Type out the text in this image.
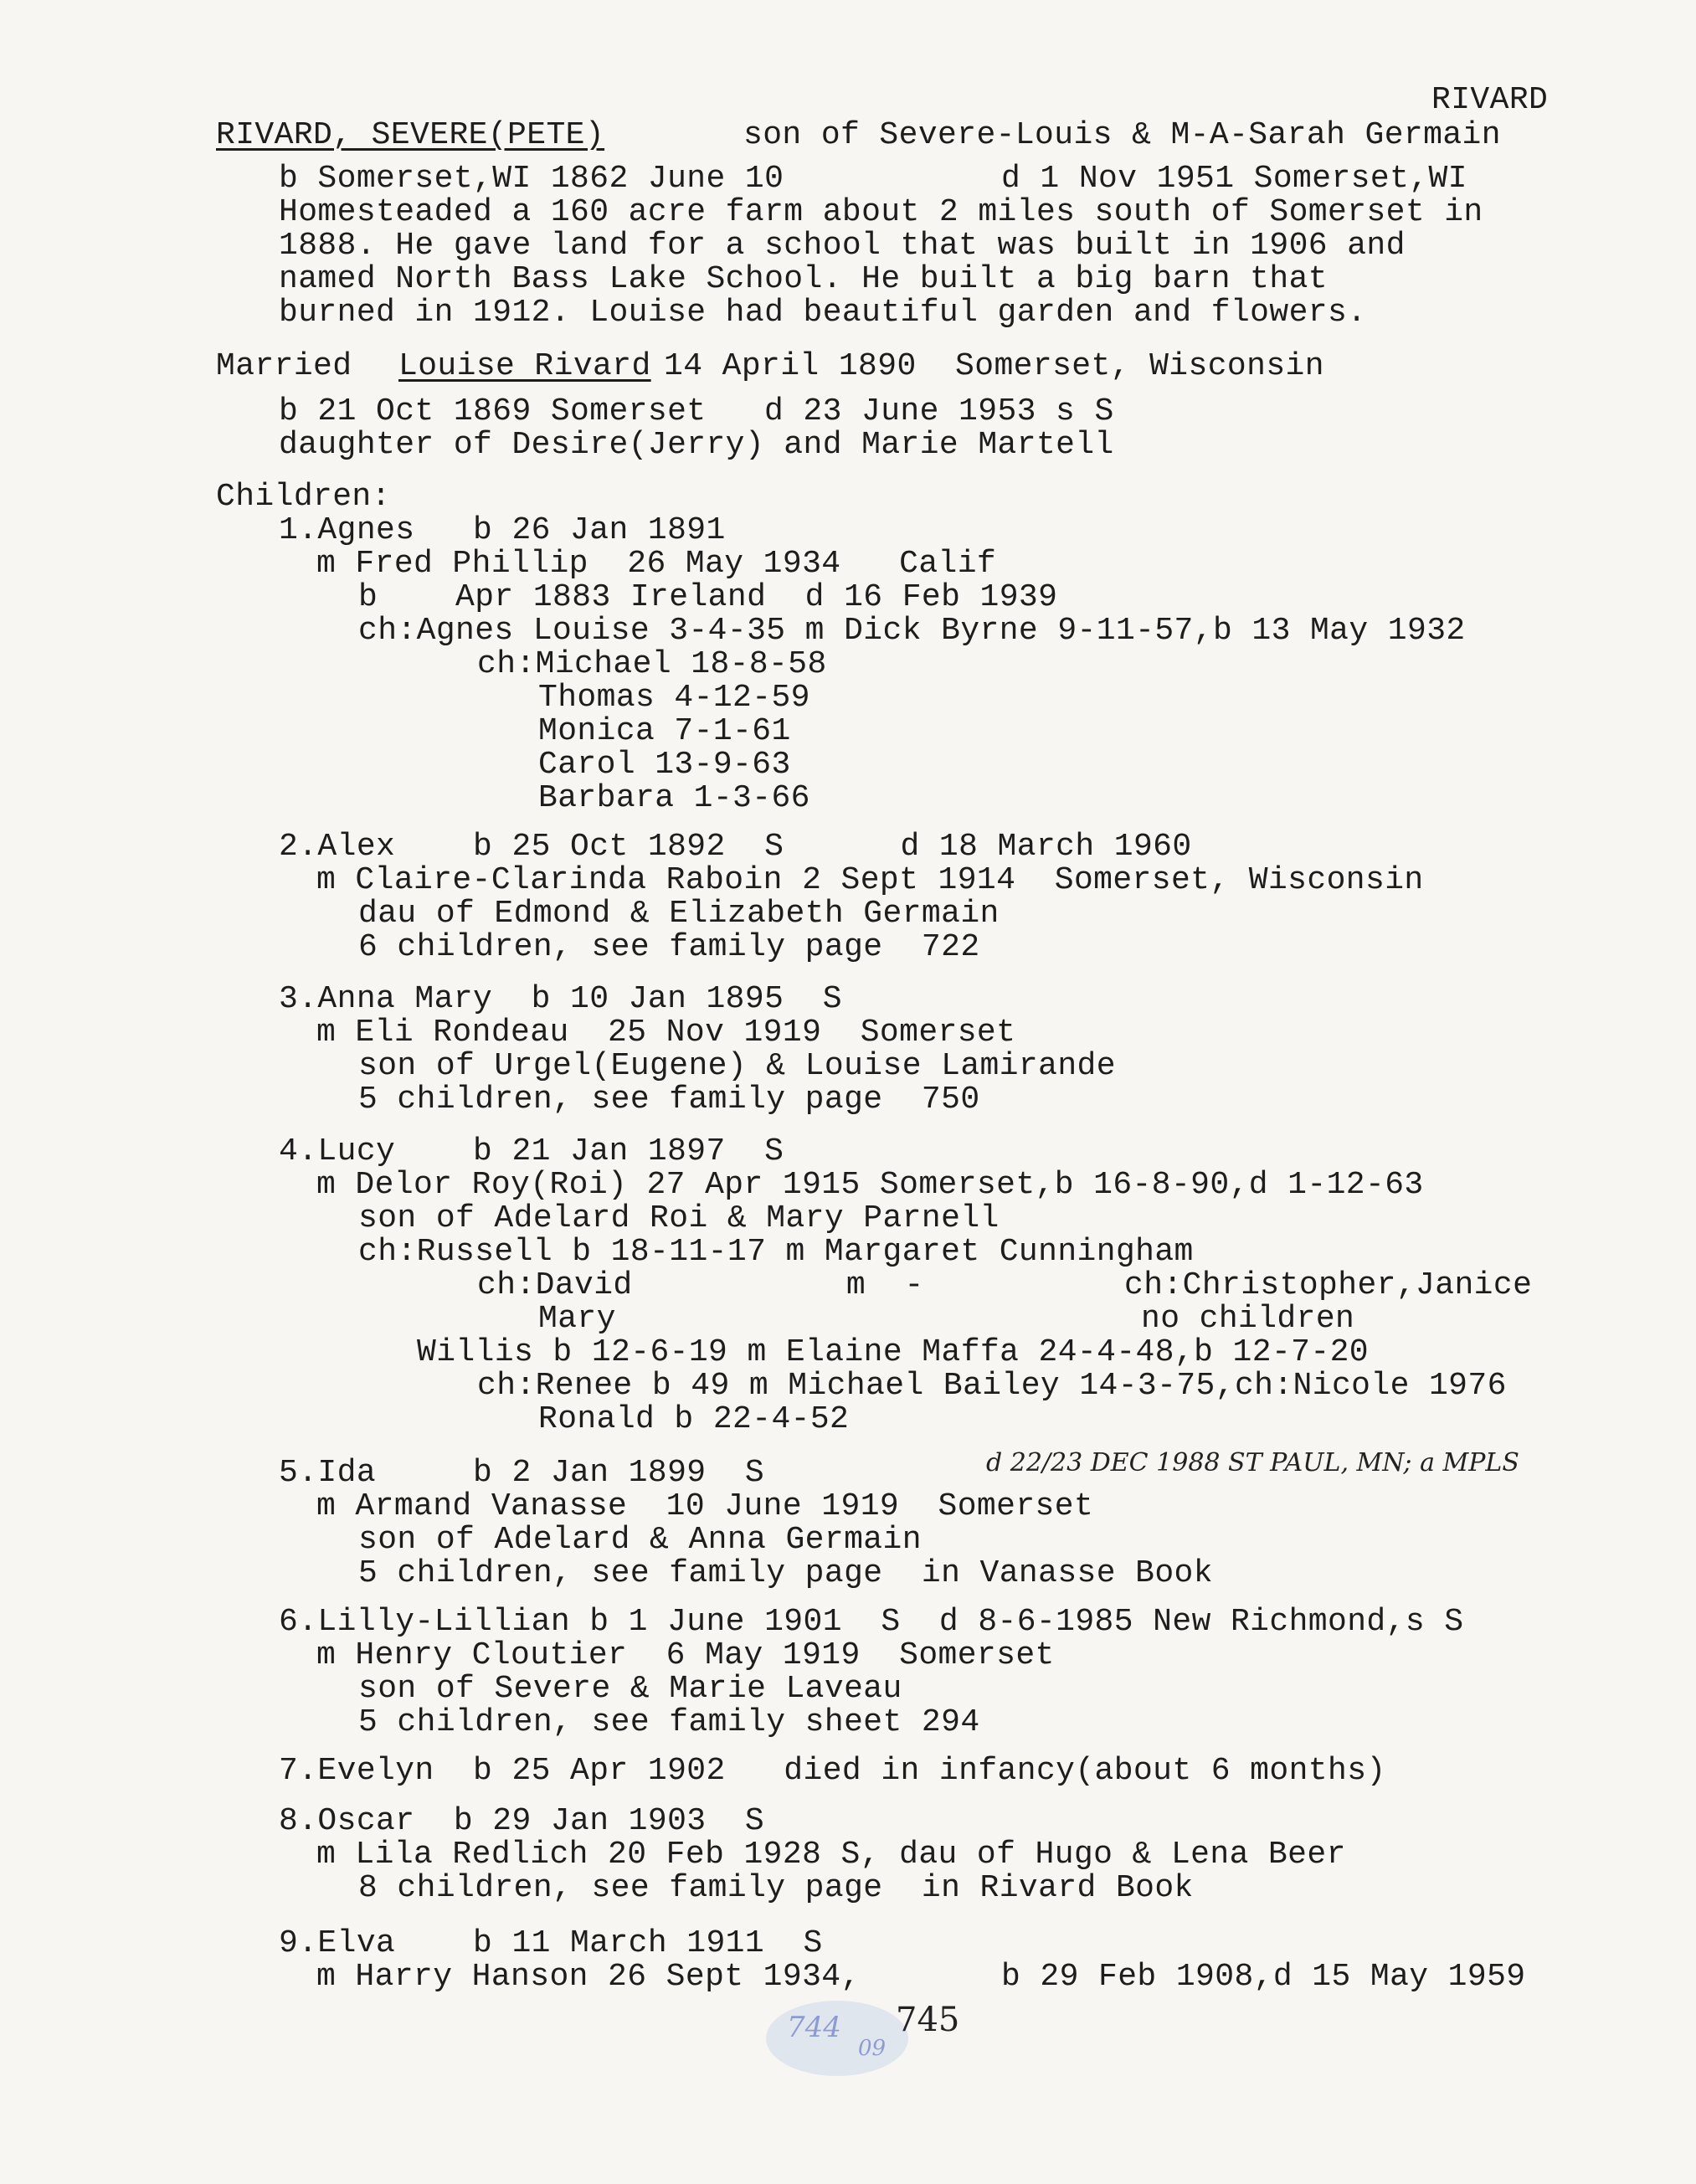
RIVARD
RIVARD, SEVERE(PETE)	son of Severe-Louis & M-A-Sarah Germain
b Somerset,WI 1862 June 10	d 1 Nov 1951 Somerset,WI
Homesteaded a 160 acre farm about 2 miles south of Somerset in
1888. He gave land for a school that was built in 1906 and
named North Bass Lake School. He built a big barn that
burned in 1912. Louise had beautiful garden and flowers.
Married Louise Rivard 14 April 1890  Somerset, Wisconsin
b 21 Oct 1869 Somerset d 23 June 1953 s S
daughter of Desire(Jerry) and Marie Martell
Children:
1.Agnes   b 26 Jan 1891
m Fred Phillip  26 May 1934   Calif
b    Apr 1883 Ireland  d 16 Feb 1939
ch:Agnes Louise 3-4-35 m Dick Byrne 9-11-57,b 13 May 1932
ch:Michael 18-8-58
Thomas 4-12-59
Monica 7-1-61
Carol 13-9-63
Barbara 1-3-66
2.Alex    b 25 Oct 1892  S      d 18 March 1960
m Claire-Clarinda Raboin 2 Sept 1914  Somerset, Wisconsin
dau of Edmond & Elizabeth Germain
6 children, see family page  722
3.Anna Mary  b 10 Jan 1895  S
m Eli Rondeau  25 Nov 1919  Somerset
son of Urgel(Eugene) & Louise Lamirande
5 children, see family page  750
4.Lucy    b 21 Jan 1897  S
m Delor Roy(Roi) 27 Apr 1915 Somerset,b 16-8-90,d 1-12-63
son of Adelard Roi & Mary Parnell
ch:Russell b 18-11-17 m Margaret Cunningham
ch:David           m  -	ch:Christopher,Janice
Mary	no children
Willis b 12-6-19 m Elaine Maffa 24-4-48,b 12-7-20
ch:Renee b 49 m Michael Bailey 14-3-75,ch:Nicole 1976
Ronald b 22-4-52
5.Ida     b 2 Jan 1899  S	d 22/23 DEC 1988 ST PAUL, MN; a MPLS
m Armand Vanasse  10 June 1919  Somerset
son of Adelard & Anna Germain
5 children, see family page  in Vanasse Book
6.Lilly-Lillian b 1 June 1901  S  d 8-6-1985 New Richmond,s S
m Henry Cloutier  6 May 1919  Somerset
son of Severe & Marie Laveau
5 children, see family sheet 294
7.Evelyn  b 25 Apr 1902   died in infancy(about 6 months)
8.Oscar  b 29 Jan 1903  S
m Lila Redlich 20 Feb 1928 S, dau of Hugo & Lena Beer
8 children, see family page  in Rivard Book
9.Elva    b 11 March 1911  S
m Harry Hanson 26 Sept 1934,	b 29 Feb 1908,d 15 May 1959
744
09
745
